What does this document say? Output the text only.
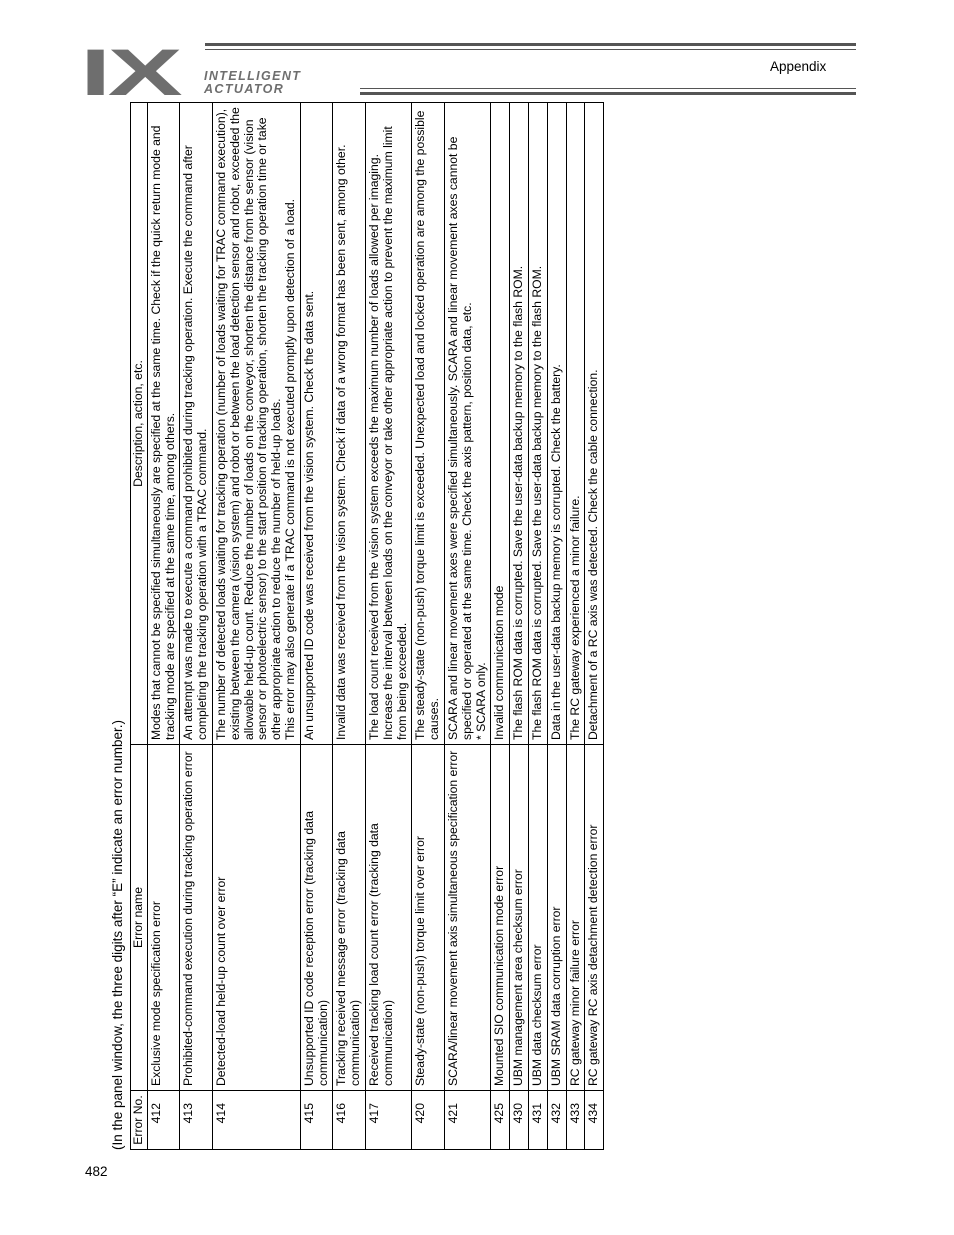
IX INTELLIGENT
ACTUATOR
Appendix
482
(In the panel window, the three digits after “E” indicate an error number.) Error No.	Error name	Description, action, etc.
412	Exclusive mode specification error	Modes that cannot be specified simultaneously are specified at the same time. Check if the quick return mode and tracking mode are specified at the same time, among others.

413	Prohibited-command execution during tracking operation error	An attempt was made to execute a command prohibited during tracking operation. Execute the command after completing the tracking operation with a TRAC command.

414	Detected-load held-up count over error	The number of detected loads waiting for tracking operation (number of loads waiting for TRAC command execution), existing between the camera (vision system) and robot or between the load detection sensor and robot, exceeded the allowable held-up count. Reduce the number of loads on the conveyor, shorten the distance from the sensor (vision sensor or photoelectric sensor) to the start position of tracking operation, shorten the tracking operation time or take other appropriate action to reduce the number of held-up loads. This error may also generate if a TRAC command is not executed promptly upon detection of a load.

415	Unsupported ID code reception error (tracking data communication)	An unsupported ID code was received from the vision system. Check the data sent.

416	Tracking received message error (tracking data communication)	Invalid data was received from the vision system. Check if data of a wrong format has been sent, among other.

417	Received tracking load count error (tracking data communication)	The load count received from the vision system exceeds the maximum number of loads allowed per imaging. Increase the interval between loads on the conveyor or take other appropriate action to prevent the maximum limit from being exceeded.

420	Steady-state (non-push) torque limit over error	The steady-state (non-push) torque limit is exceeded. Unexpected load and locked operation are among the possible causes.

421	SCARA/linear movement axis simultaneous specification error	SCARA and linear movement axes were specified simultaneously. SCARA and linear movement axes cannot be specified or operated at the same time. Check the axis pattern, position data, etc. * SCARA only.

425	Mounted SIO communication mode error	Invalid communication mode

430	UBM management area checksum error	The flash ROM data is corrupted. Save the user-data backup memory to the flash ROM.

431	UBM data checksum error	The flash ROM data is corrupted. Save the user-data backup memory to the flash ROM.

432	UBM SRAM data corruption error	Data in the user-data backup memory is corrupted. Check the battery.

433	RC gateway minor failure error	The RC gateway experienced a minor failure.

434	RC gateway RC axis detachment detection error	Detachment of a RC axis was detected. Check the cable connection.
